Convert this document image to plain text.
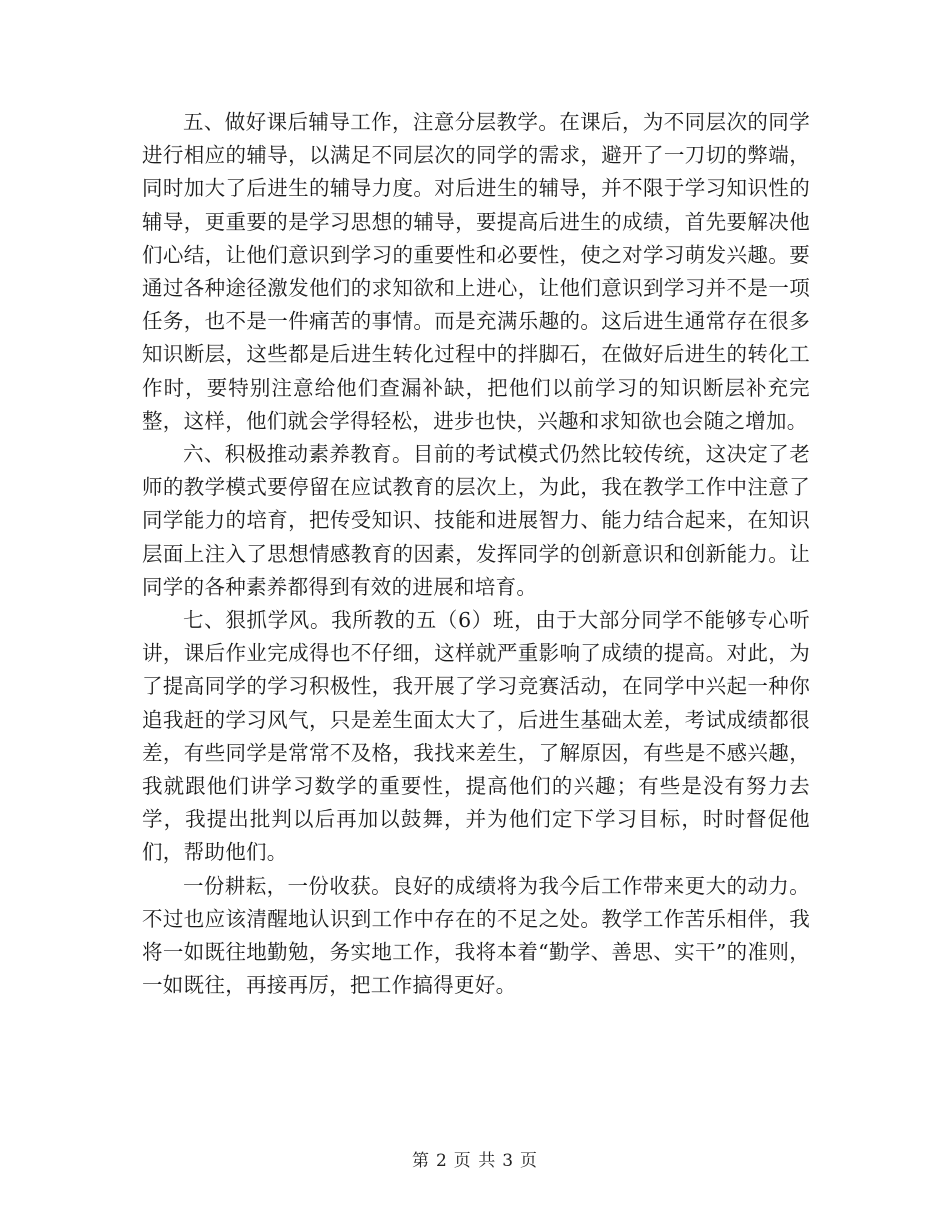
五、做好课后辅导工作，注意分层教学。在课后，为不同层次的同学进行相应的辅导，以满足不同层次的同学的需求，避开了一刀切的弊端，同时加大了后进生的辅导力度。对后进生的辅导，并不限于学习知识性的辅导，更重要的是学习思想的辅导，要提高后进生的成绩，首先要解决他们心结，让他们意识到学习的重要性和必要性，使之对学习萌发兴趣。要通过各种途径激发他们的求知欲和上进心，让他们意识到学习并不是一项任务，也不是一件痛苦的事情。而是充满乐趣的。这后进生通常存在很多知识断层，这些都是后进生转化过程中的拌脚石，在做好后进生的转化工作时，要特别注意给他们查漏补缺，把他们以前学习的知识断层补充完整，这样，他们就会学得轻松，进步也快，兴趣和求知欲也会随之增加。

六、积极推动素养教育。目前的考试模式仍然比较传统，这决定了老师的教学模式要停留在应试教育的层次上，为此，我在教学工作中注意了同学能力的培育，把传受知识、技能和进展智力、能力结合起来，在知识层面上注入了思想情感教育的因素，发挥同学的创新意识和创新能力。让同学的各种素养都得到有效的进展和培育。

七、狠抓学风。我所教的五（6）班，由于大部分同学不能够专心听讲，课后作业完成得也不仔细，这样就严重影响了成绩的提高。对此，为了提高同学的学习积极性，我开展了学习竞赛活动，在同学中兴起一种你追我赶的学习风气，只是差生面太大了，后进生基础太差，考试成绩都很差，有些同学是常常不及格，我找来差生，了解原因，有些是不感兴趣，我就跟他们讲学习数学的重要性，提高他们的兴趣；有些是没有努力去学，我提出批判以后再加以鼓舞，并为他们定下学习目标，时时督促他们，帮助他们。

一份耕耘，一份收获。良好的成绩将为我今后工作带来更大的动力。不过也应该清醒地认识到工作中存在的不足之处。教学工作苦乐相伴，我将一如既往地勤勉，务实地工作，我将本着“勤学、善思、实干”的准则，一如既往，再接再厉，把工作搞得更好。

第 2 页 共 3 页
